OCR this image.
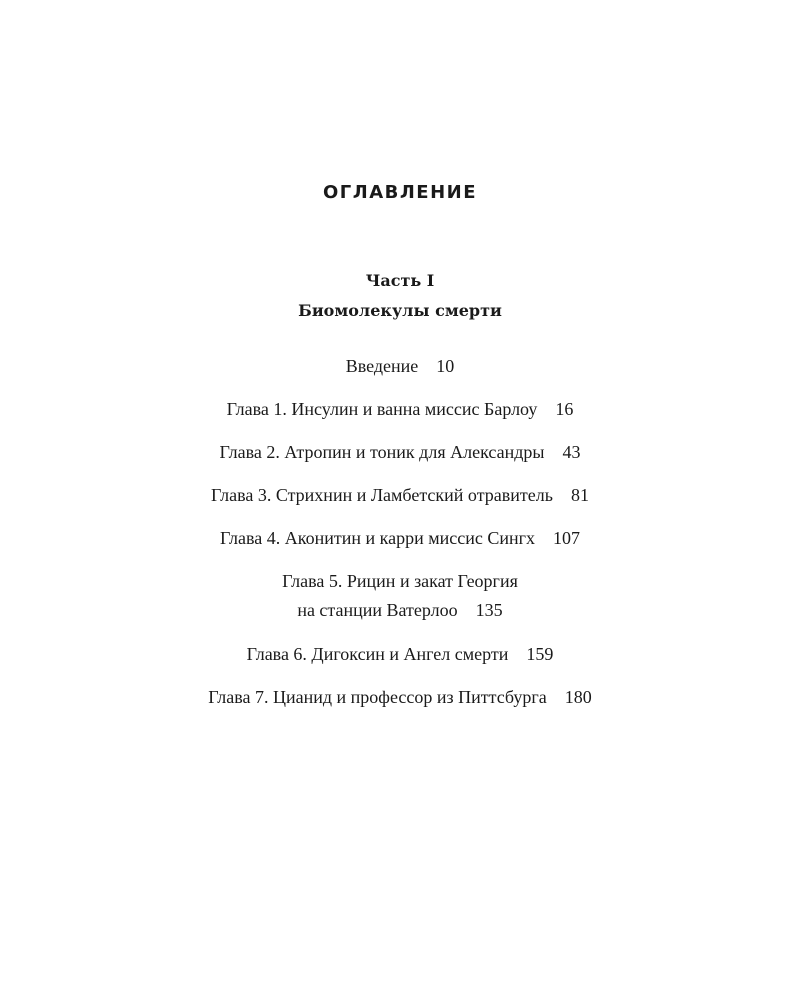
ОГЛАВЛЕНИЕ
Часть I
Биомолекулы смерти
Введение 10
Глава 1. Инсулин и ванна миссис Барлоу 16
Глава 2. Атропин и тоник для Александры 43
Глава 3. Стрихнин и Ламбетский отравитель 81
Глава 4. Аконитин и карри миссис Сингх 107
Глава 5. Рицин и закат Георгия
на станции Ватерлоо 135
Глава 6. Дигоксин и Ангел смерти 159
Глава 7. Цианид и профессор из Питтсбурга 180
